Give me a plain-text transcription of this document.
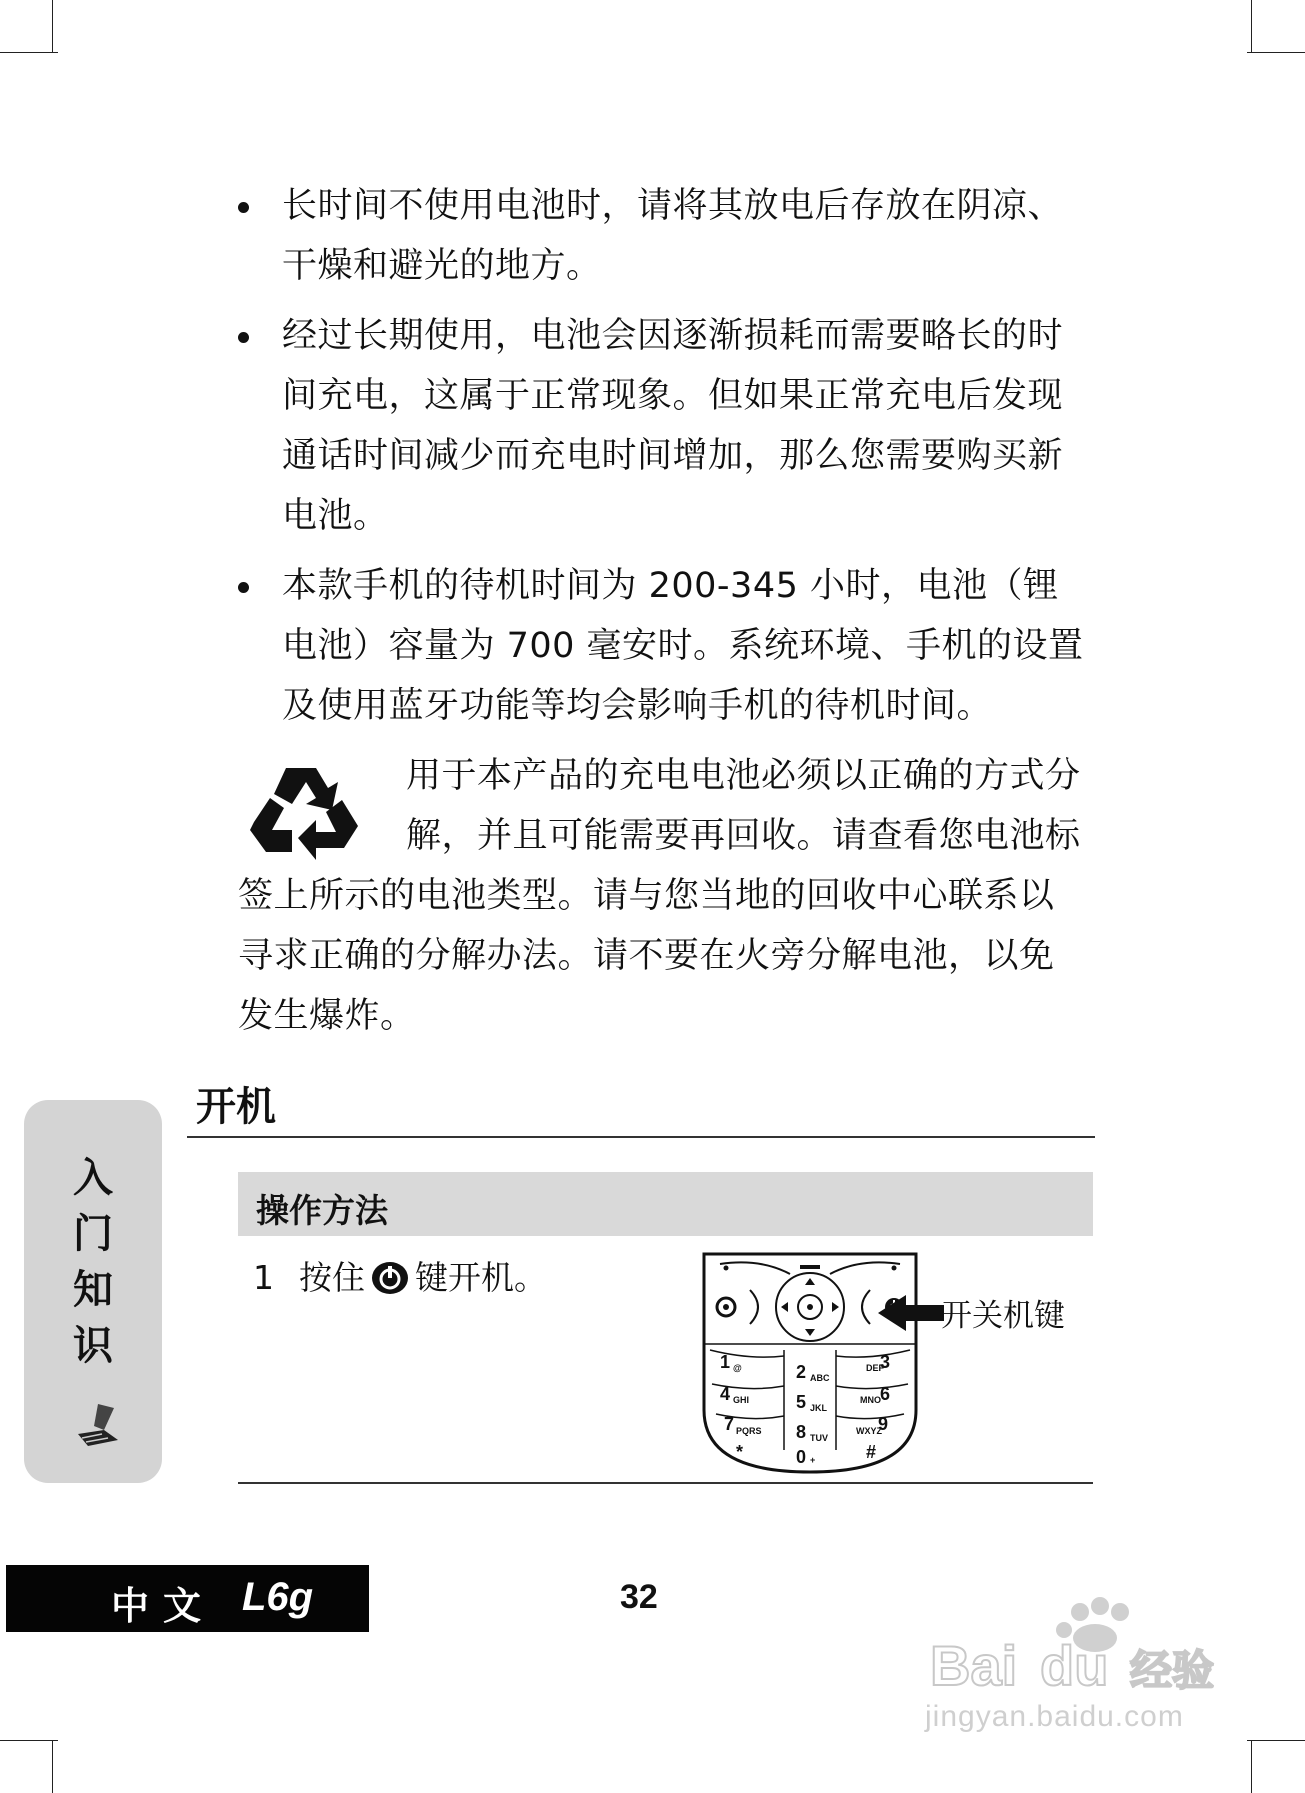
长时间不使用电池时，请将其放电后存放在阴凉、干燥和避光的地方。
经过长期使用，电池会因逐渐损耗而需要略长的时间充电，这属于正常现象。但如果正常充电后发现通话时间减少而充电时间增加，那么您需要购买新电池。
本款手机的待机时间为 200-345 小时，电池（锂电池）容量为 700 毫安时。系统环境、手机的设置及使用蓝牙功能等均会影响手机的待机时间。
用于本产品的充电电池必须以正确的方式分解，并且可能需要再回收。请查看您电池标签上所示的电池类型。请与您当地的回收中心联系以寻求正确的分解办法。请不要在火旁分解电池，以免发生爆炸。
开机
操作方法
1 按住 键开机。
1 @	2 ABC
3
DEF
4 GHI	5 JKL
6
MNO
7 PQRS 8 TUV
9
WXYZ
*	0 +	#
开关机键
入
门
知
识
中文 L6g	32
Bai du 经验
jingyan.baidu.com
